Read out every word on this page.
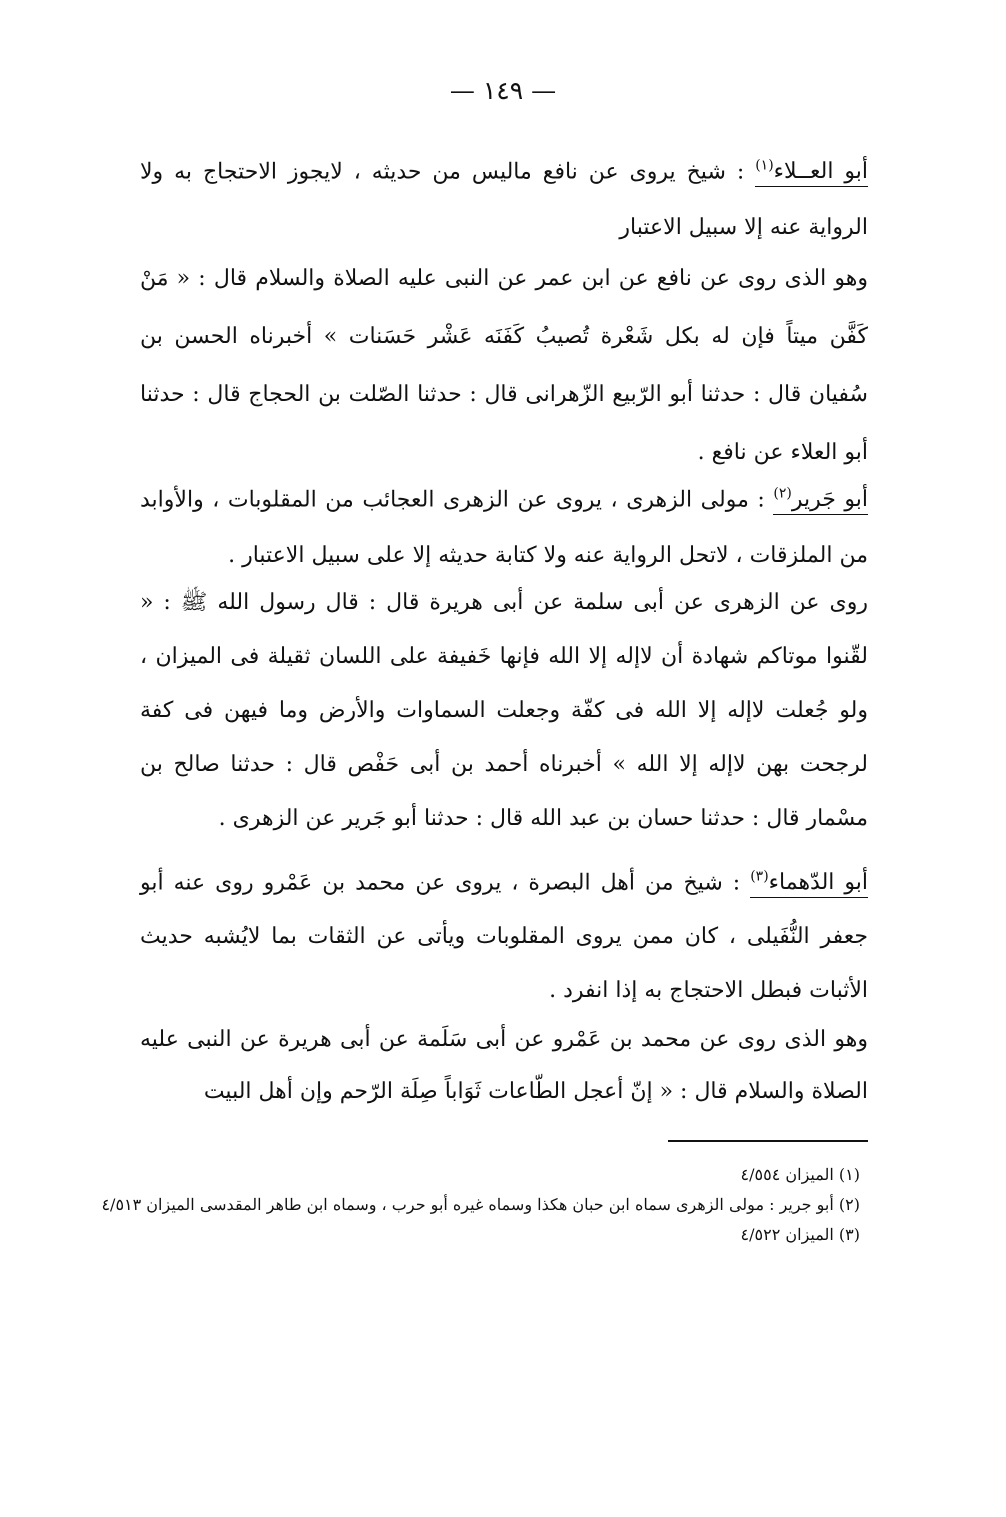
— ١٤٩ —

أبو العــلاء$^{(١)}$ : شيخ يروى عن نافع ماليس من حديثه ، لايجوز الاحتجاج به ولا الرواية عنه إلا سبيل الاعتبار

وهو الذى روى عن نافع عن ابن عمر عن النبى عليه الصلاة والسلام قال : « مَنْ كَفَّن ميتاً فإن له بكل شَعْرة تُصيبُ كَفَنَه عَشْر حَسَنات » أخبرناه الحسن بن سُفيان قال : حدثنا أبو الرّبيع الزّهرانى قال : حدثنا الصّلت بن الحجاج قال : حدثنا أبو العلاء عن نافع .

أبو جَرير$^{(٢)}$ : مولى الزهرى ، يروى عن الزهرى العجائب من المقلوبات ، والأوابد من الملزقات ، لاتحل الرواية عنه ولا كتابة حديثه إلا على سبيل الاعتبار .

روى عن الزهرى عن أبى سلمة عن أبى هريرة قال : قال رسول الله ﷺ : « لقّنوا موتاكم شهادة أن لاإله إلا الله فإنها خَفيفة على اللسان ثقيلة فى الميزان ، ولو جُعلت لاإله إلا الله فى كفّة وجعلت السماوات والأرض وما فيهن فى كفة لرجحت بهن لاإله إلا الله » أخبرناه أحمد بن أبى حَفْص قال : حدثنا صالح بن مسْمار قال : حدثنا حسان بن عبد الله قال : حدثنا أبو جَرير عن الزهرى .

أبو الدّهماء$^{(٣)}$ : شيخ من أهل البصرة ، يروى عن محمد بن عَمْرو روى عنه أبو جعفر النُّفَيلى ، كان ممن يروى المقلوبات ويأتى عن الثقات بما لايُشبه حديث الأثبات فبطل الاحتجاج به إذا انفرد .

وهو الذى روى عن محمد بن عَمْرو عن أبى سَلَمة عن أبى هريرة عن النبى عليه الصلاة والسلام قال : « إنّ أعجل الطّاعات ثَوَاباً صِلَة الرّحم وإن أهل البيت

(١) الميزان ٤/٥٥٤
(٢) أبو جرير : مولى الزهرى سماه ابن حبان هكذا وسماه غيره أبو حرب ، وسماه ابن طاهر المقدسى الميزان ٤/٥١٣
(٣) الميزان ٤/٥٢٢
